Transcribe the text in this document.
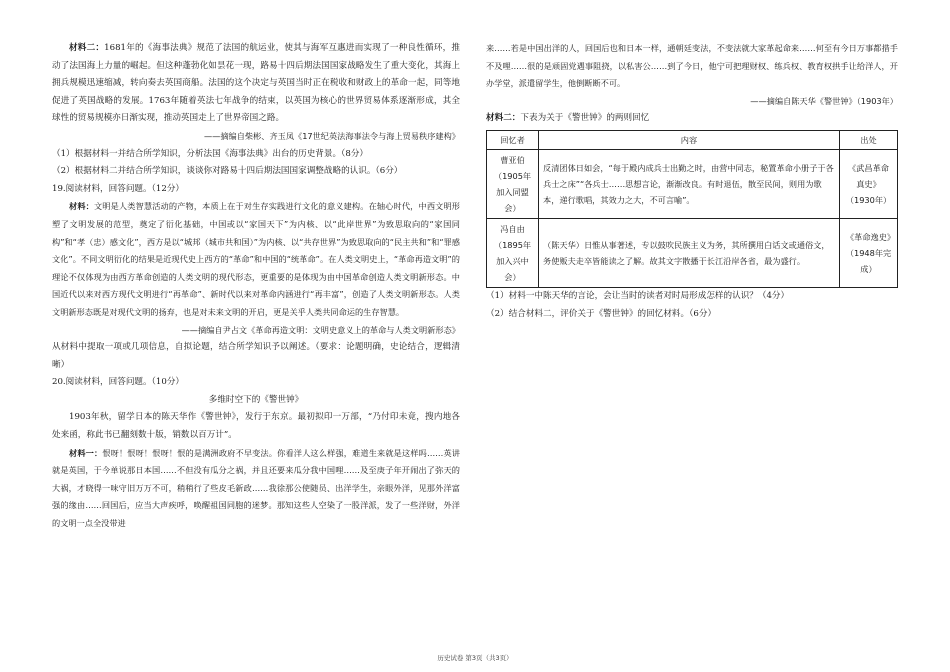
材料二：1681年的《海事法典》规范了法国的航运业，使其与海军互惠进而实现了一种良性循环，推动了法国海上力量的崛起。但这种蓬勃化如昙花一现，路易十四后期法国国家战略发生了重大变化，其海上拥兵规模迅速缩减，转向奏去英国商船。法国的这个决定与英国当时正在税收和财政上的革命一起，同等地促进了英国战略的发展。1763年随着英法七年战争的结束，以英国为核心的世界贸易体系逐渐形成，其全球性的贸易规模亦日渐实现，推动英国走上了世界帝国之路。

——摘编自柴彬、齐玉凤《17世纪英法海事法令与海上贸易秩序建构》

（1）根据材料一并结合所学知识，分析法国《海事法典》出台的历史背景。（8分）

（2）根据材料二并结合所学知识，谈谈你对路易十四后期法国国家调整战略的认识。（6分）

19.阅读材料，回答问题。（12分）

材料：文明是人类智慧活动的产物，本质上在于对生存实践进行文化的意义建构。在轴心时代，中西文明形塑了文明发展的范型，奠定了衍化基础，中国或以“家国天下”为内核、以“此岸世界”为致思取向的“家国同构”和“孝（忠）感文化”，西方是以“城邦（城市共和国）”为内核、以“共存世界”为致思取向的“民主共和”和“罪感文化”。不同文明衍化的结果是近现代史上西方的“革命”和中国的“统革命”。在人类文明史上，“革命再造文明”的理论不仅体现为由西方革命创造的人类文明的现代形态，更重要的是体现为由中国革命创造人类文明新形态。中国近代以来对西方现代文明进行“再革命”、新时代以来对革命内涵进行“再丰富”，创造了人类文明新形态。人类文明新形态既是对现代文明的扬弃，也是对未来文明的开启，更是关乎人类共同命运的生存智慧。

——摘编自尹占文《革命再造文明：文明史意义上的革命与人类文明新形态》

从材料中提取一项或几项信息，自拟论题，结合所学知识予以阐述。（要求：论题明确，史论结合，逻辑清晰）

20.阅读材料，回答问题。（10分）

多维时空下的《警世钟》

1903年秋，留学日本的陈天华作《警世钟》，发行于东京。最初拟印一万部，“乃付印未竟，搜内地各处来函，称此书已翻刻数十版，销数以百万计”。

材料一：恨呀！恨呀！恨呀！恨的是满洲政府不早变法。你看洋人这么样强，难道生来就是这样吗……英讲就是英国，于今单说那日本国……不但没有瓜分之祸，并且还要来瓜分我中国哩……及至庚子年开闹出了弥天的大祸，才晓得一味守旧万万不可，稍稍行了些皮毛新政……我徐那公使随员、出洋学生，亲眼外洋，见那外洋富强的缘由……回国后，应当大声疾呼，唤醒祖国同胞的迷梦。那知这些人空染了一股洋派，发了一些洋财，外洋的文明一点全没带进

来……若是中国出洋的人，回国后也和日本一样，通朝廷变法，不变法就大家革起命来……何至有今日万事都措手不及哩……很的是顽固党遇事阻挠，以私害公……到了今日，他宁可把理财权、练兵权、教育权拱手让给洋人，开办学堂，派遣留学生，他倒断断不可。

——摘编自陈天华《警世钟》（1903年）

材料二：下表为关于《警世钟》的两则回忆

回忆者	内容	出处
曹亚伯（1905年加入同盟会）	反清团体日如会，“每于殿内成兵士出勤之时，由营中同志，秘置革命小册子于各兵士之床”“各兵士……思想言论，渐渐改良。有时退伍，散至民间，则用为歌本，递行歌唱，其效力之大，不可言喻”。	《武昌革命真史》（1930年）
冯自由（1895年加入兴中会）	（陈天华）日惟从事著述，专以鼓吹民族主义为务，其所撰用白话文或通俗文，务使贩夫走卒皆能读之了解。故其文字散播于长江沿岸各省，最为盛行。	《革命逸史》（1948年完成）

（1）材料一中陈天华的言论，会让当时的读者对时局形成怎样的认识？（4分）

（2）结合材料二，评价关于《警世钟》的回忆材料。（6分）

历史试卷 第3页（共3页）
